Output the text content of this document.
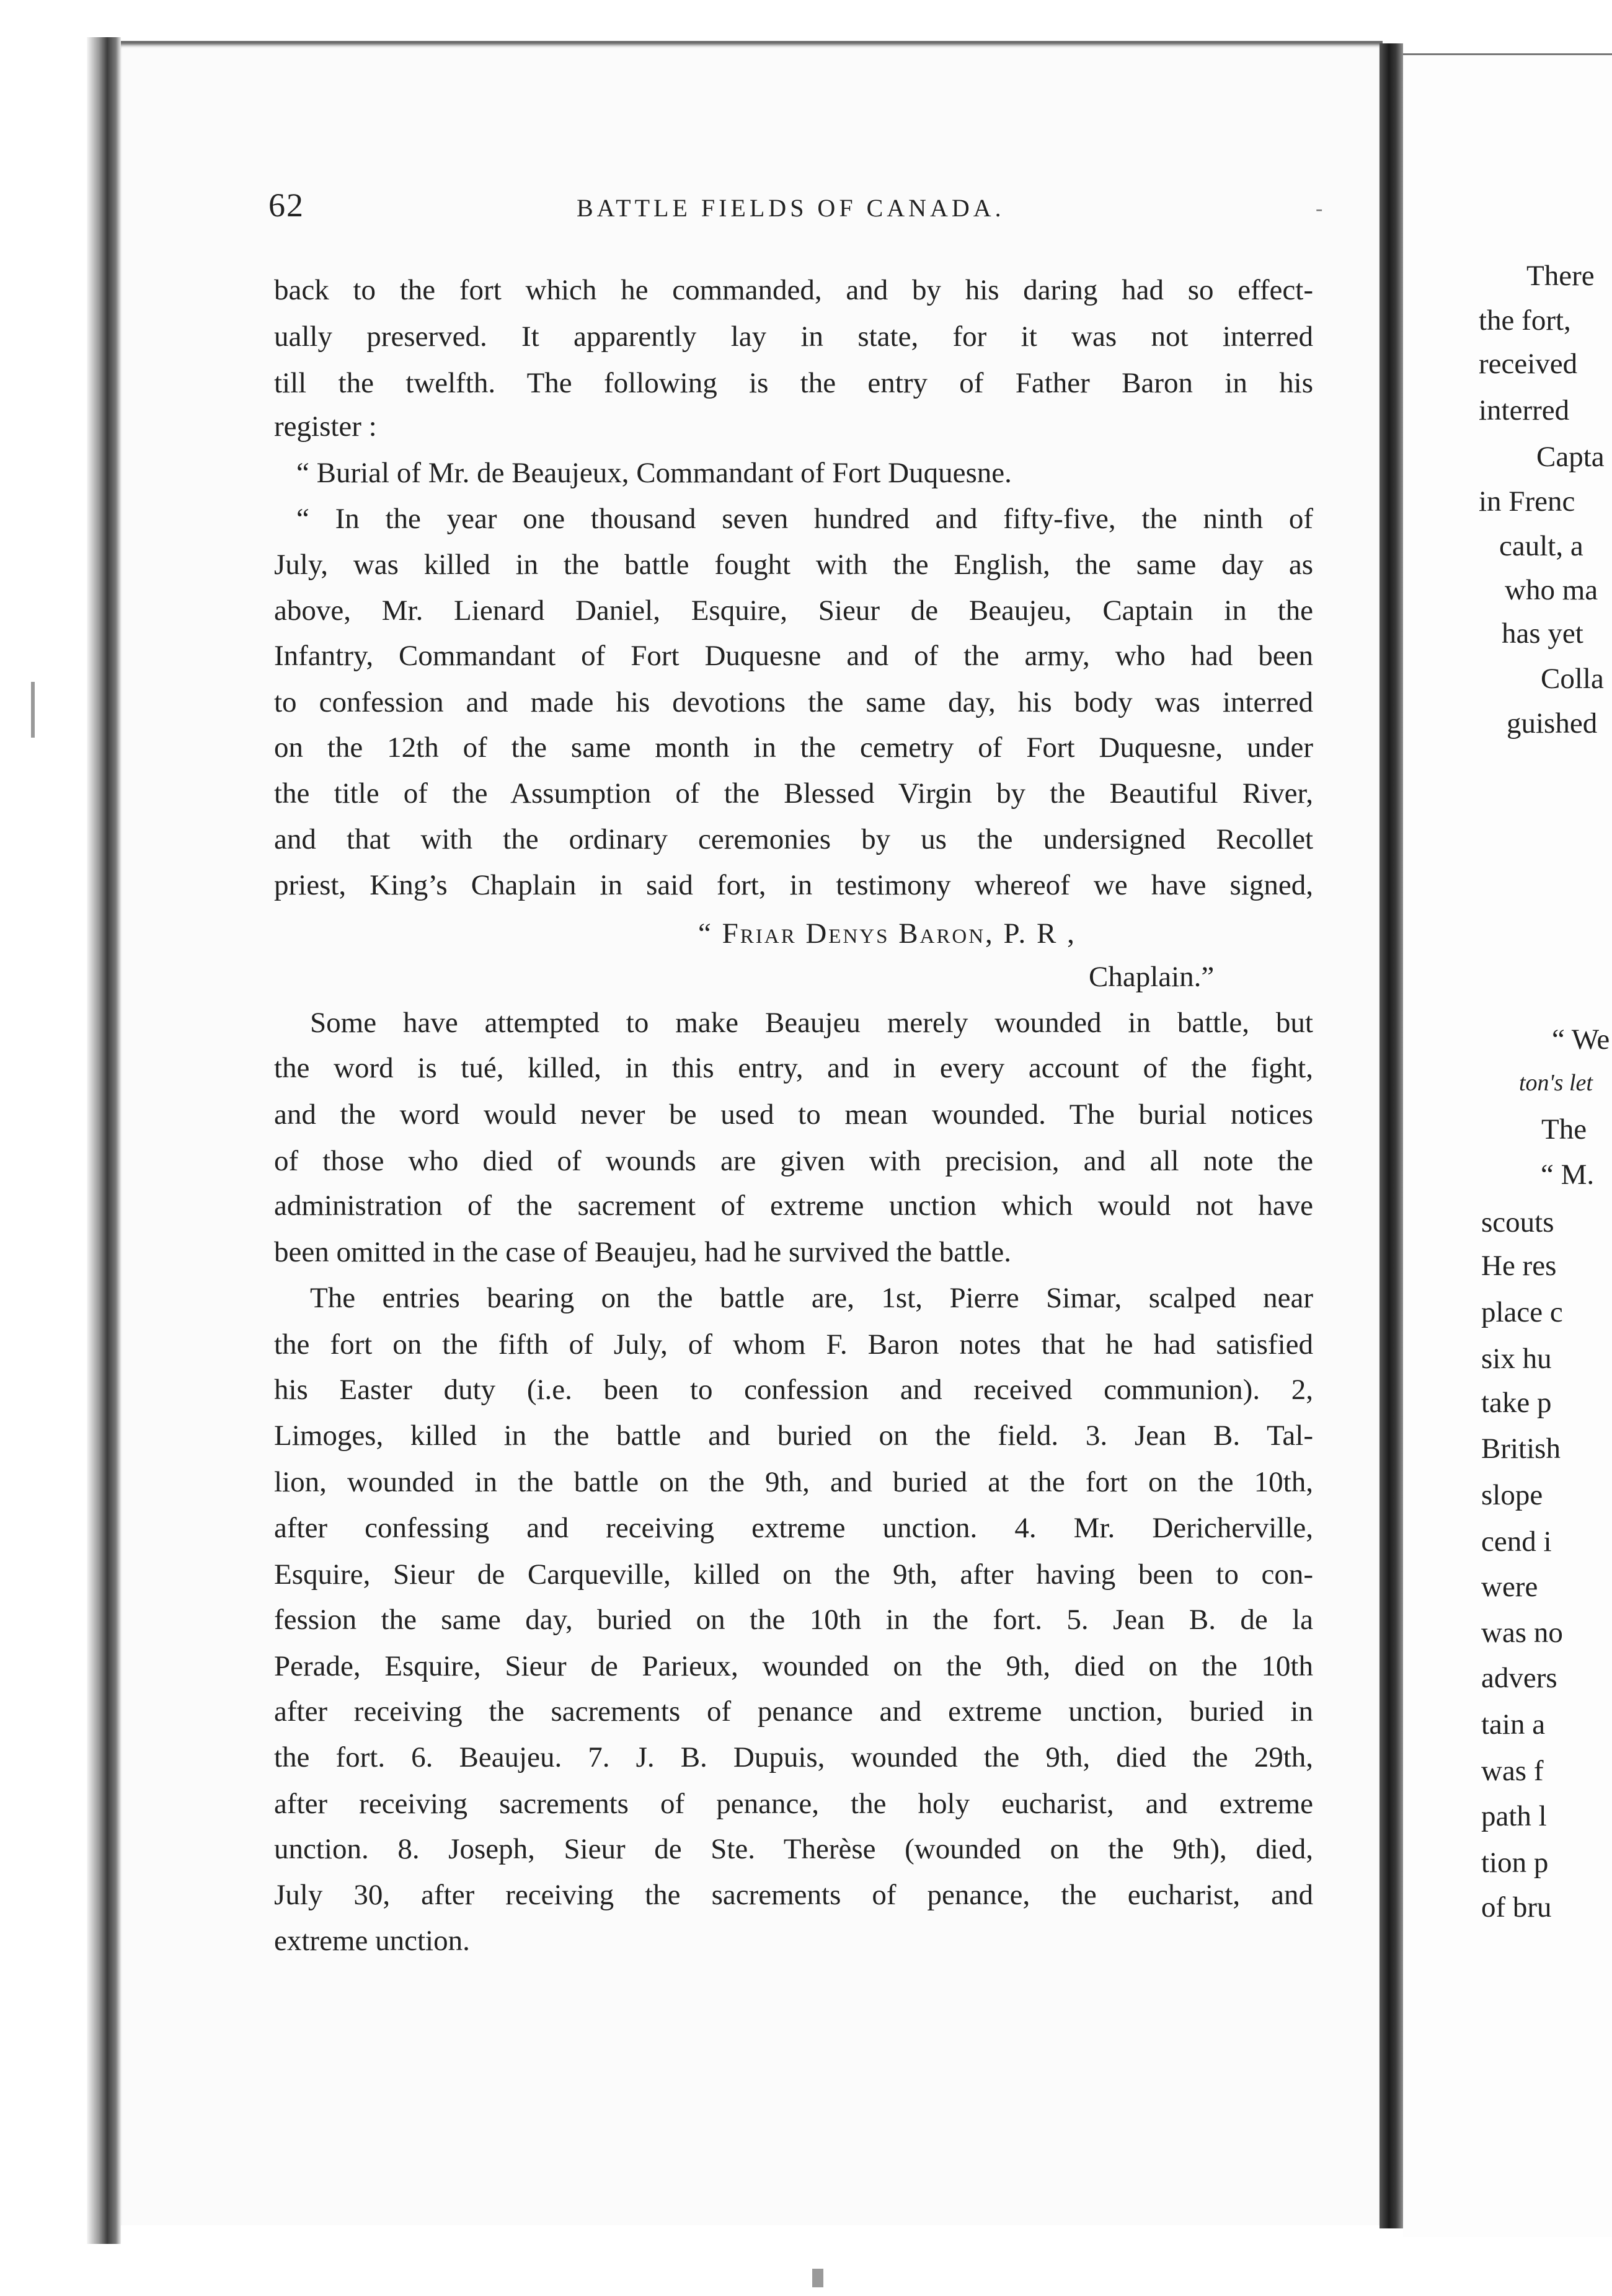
62	BATTLE FIELDS OF CANADA.	-
back to the fort which he commanded, and by his daring had so effect-
ually preserved. It apparently lay in state, for it was not interred
till the twelfth. The following is the entry of Father Baron in his
register :
“ Burial of Mr. de Beaujeux, Commandant of Fort Duquesne.
“ In the year one thousand seven hundred and fifty-five, the ninth of
July, was killed in the battle fought with the English, the same day as
above, Mr. Lienard Daniel, Esquire, Sieur de Beaujeu, Captain in the
Infantry, Commandant of Fort Duquesne and of the army, who had been
to confession and made his devotions the same day, his body was interred
on the 12th of the same month in the cemetry of Fort Duquesne, under
the title of the Assumption of the Blessed Virgin by the Beautiful River,
and that with the ordinary ceremonies by us the undersigned Recollet
priest, King’s Chaplain in said fort, in testimony whereof we have signed,
“ Friar Denys Baron, P. R ,
Chaplain.”
Some have attempted to make Beaujeu merely wounded in battle, but
the word is tué, killed, in this entry, and in every account of the fight,
and the word would never be used to mean wounded. The burial notices
of those who died of wounds are given with precision, and all note the
administration of the sacrement of extreme unction which would not have
been omitted in the case of Beaujeu, had he survived the battle.
The entries bearing on the battle are, 1st, Pierre Simar, scalped near
the fort on the fifth of July, of whom F. Baron notes that he had satisfied
his Easter duty (i.e. been to confession and received communion). 2,
Limoges, killed in the battle and buried on the field. 3. Jean B. Tal-
lion, wounded in the battle on the 9th, and buried at the fort on the 10th,
after confessing and receiving extreme unction. 4. Mr. Dericherville,
Esquire, Sieur de Carqueville, killed on the 9th, after having been to con-
fession the same day, buried on the 10th in the fort. 5. Jean B. de la
Perade, Esquire, Sieur de Parieux, wounded on the 9th, died on the 10th
after receiving the sacrements of penance and extreme unction, buried in
the fort. 6. Beaujeu. 7. J. B. Dupuis, wounded the 9th, died the 29th,
after receiving sacrements of penance, the holy eucharist, and extreme
unction. 8. Joseph, Sieur de Ste. Therèse (wounded on the 9th), died,
July 30, after receiving the sacrements of penance, the eucharist, and
extreme unction.
There
the fort,
received
interred
Capta
in Frenc
cault, a
who ma
has yet
Colla
guished
“ We
ton's let
The
“ M.
scouts
He res
place c
six hu
take p
British
slope
cend i
were
was no
advers
tain a
was f
path l
tion p
of bru
